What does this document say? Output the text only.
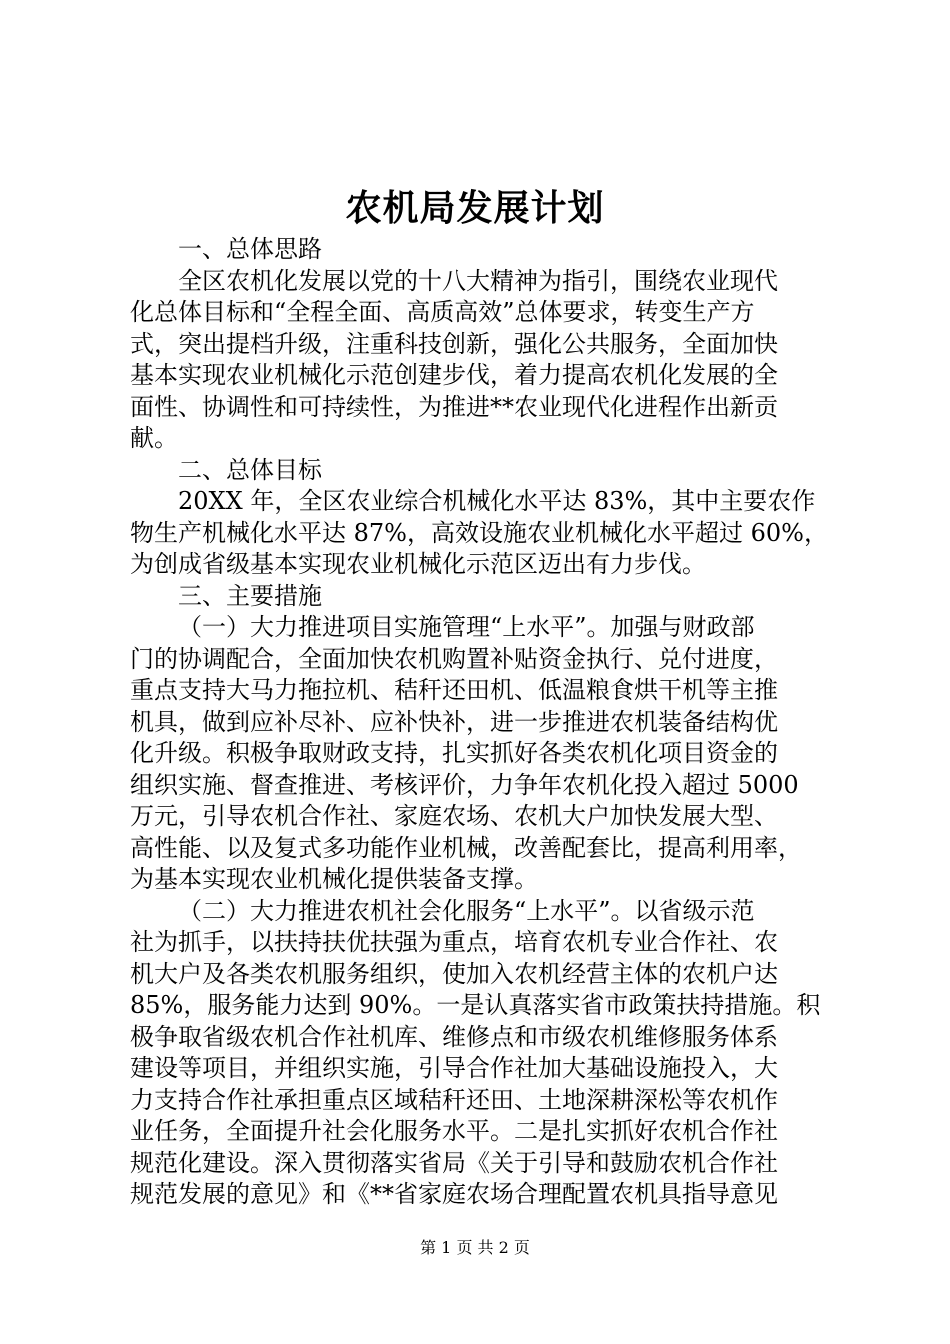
农机局发展计划
一、总体思路
全区农机化发展以党的十八大精神为指引，围绕农业现代
化总体目标和“全程全面、高质高效”总体要求，转变生产方
式，突出提档升级，注重科技创新，强化公共服务，全面加快
基本实现农业机械化示范创建步伐，着力提高农机化发展的全
面性、协调性和可持续性，为推进**农业现代化进程作出新贡
献。
二、总体目标
20XX 年，全区农业综合机械化水平达 83%，其中主要农作
物生产机械化水平达 87%，高效设施农业机械化水平超过 60%，
为创成省级基本实现农业机械化示范区迈出有力步伐。
三、主要措施
（一）大力推进项目实施管理“上水平”。加强与财政部
门的协调配合，全面加快农机购置补贴资金执行、兑付进度，
重点支持大马力拖拉机、秸秆还田机、低温粮食烘干机等主推
机具，做到应补尽补、应补快补，进一步推进农机装备结构优
化升级。积极争取财政支持，扎实抓好各类农机化项目资金的
组织实施、督查推进、考核评价，力争年农机化投入超过 5000
万元，引导农机合作社、家庭农场、农机大户加快发展大型、
高性能、以及复式多功能作业机械，改善配套比，提高利用率，
为基本实现农业机械化提供装备支撑。
（二）大力推进农机社会化服务“上水平”。以省级示范
社为抓手，以扶持扶优扶强为重点，培育农机专业合作社、农
机大户及各类农机服务组织，使加入农机经营主体的农机户达
85%，服务能力达到 90%。一是认真落实省市政策扶持措施。积
极争取省级农机合作社机库、维修点和市级农机维修服务体系
建设等项目，并组织实施，引导合作社加大基础设施投入，大
力支持合作社承担重点区域秸秆还田、土地深耕深松等农机作
业任务，全面提升社会化服务水平。二是扎实抓好农机合作社
规范化建设。深入贯彻落实省局《关于引导和鼓励农机合作社
规范发展的意见》和《**省家庭农场合理配置农机具指导意见
第 1 页 共 2 页
